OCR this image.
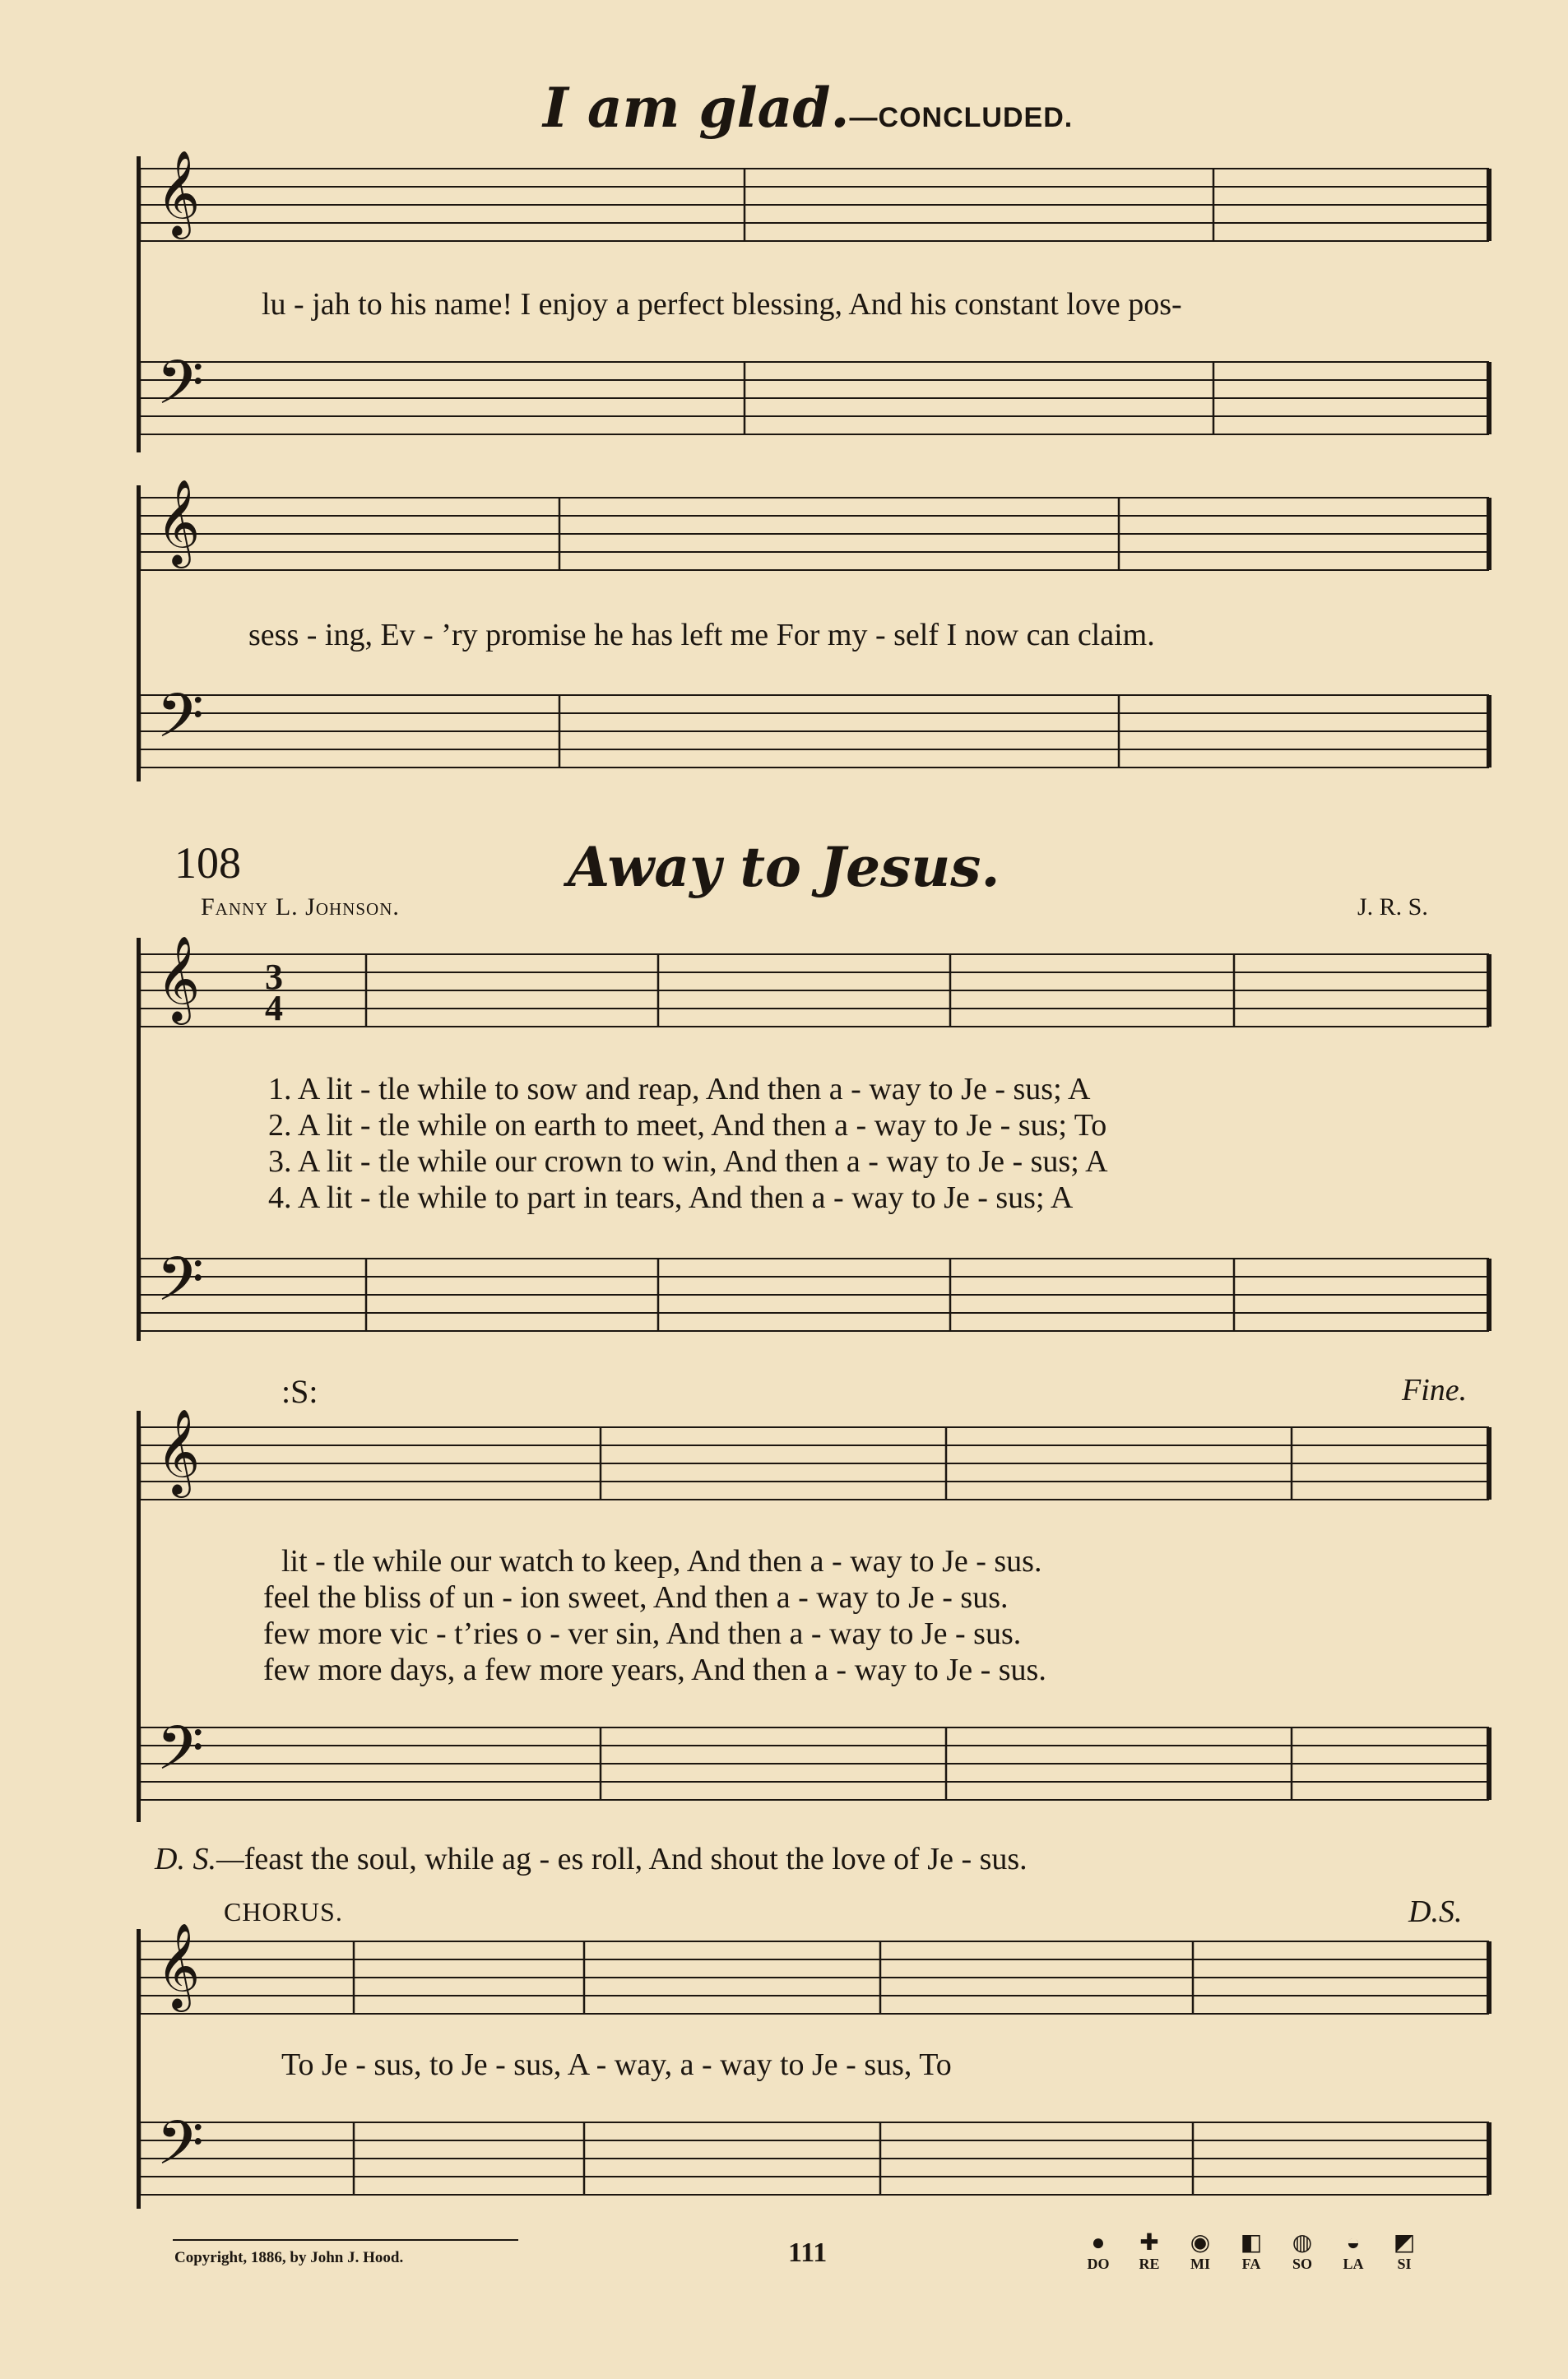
I am glad.—CONCLUDED.
𝄞
lu - jah to his name! I enjoy a perfect blessing, And his constant love pos-
𝄢
𝄞
sess - ing, Ev - ’ry promise he has left me For my - self I now can claim.
𝄢
108	Away to Jesus.
Fanny L. Johnson.	J. R. S.
𝄞 3
4
1. A lit - tle while to sow and reap, And then a - way to Je - sus; A
2. A lit - tle while on earth to meet, And then a - way to Je - sus; To
3. A lit - tle while our crown to win, And then a - way to Je - sus; A
4. A lit - tle while to part in tears, And then a - way to Je - sus; A
𝄢
:S:	Fine.
𝄞
lit - tle while our watch to keep, And then a - way to Je - sus.
feel the bliss of un - ion sweet, And then a - way to Je - sus.
few more vic - t’ries o - ver sin, And then a - way to Je - sus.
few more days, a few more years, And then a - way to Je - sus.
𝄢
D. S.—feast the soul, while ag - es roll, And shout the love of Je - sus.
CHORUS.	D.S.
𝄞
To Je - sus, to Je - sus, A - way, a - way to Je - sus, To
𝄢
Copyright, 1886, by John J. Hood.	111	●
DO
✚
RE
◉
MI
◧
FA
◍
SO
◒
LA
◩
SI
